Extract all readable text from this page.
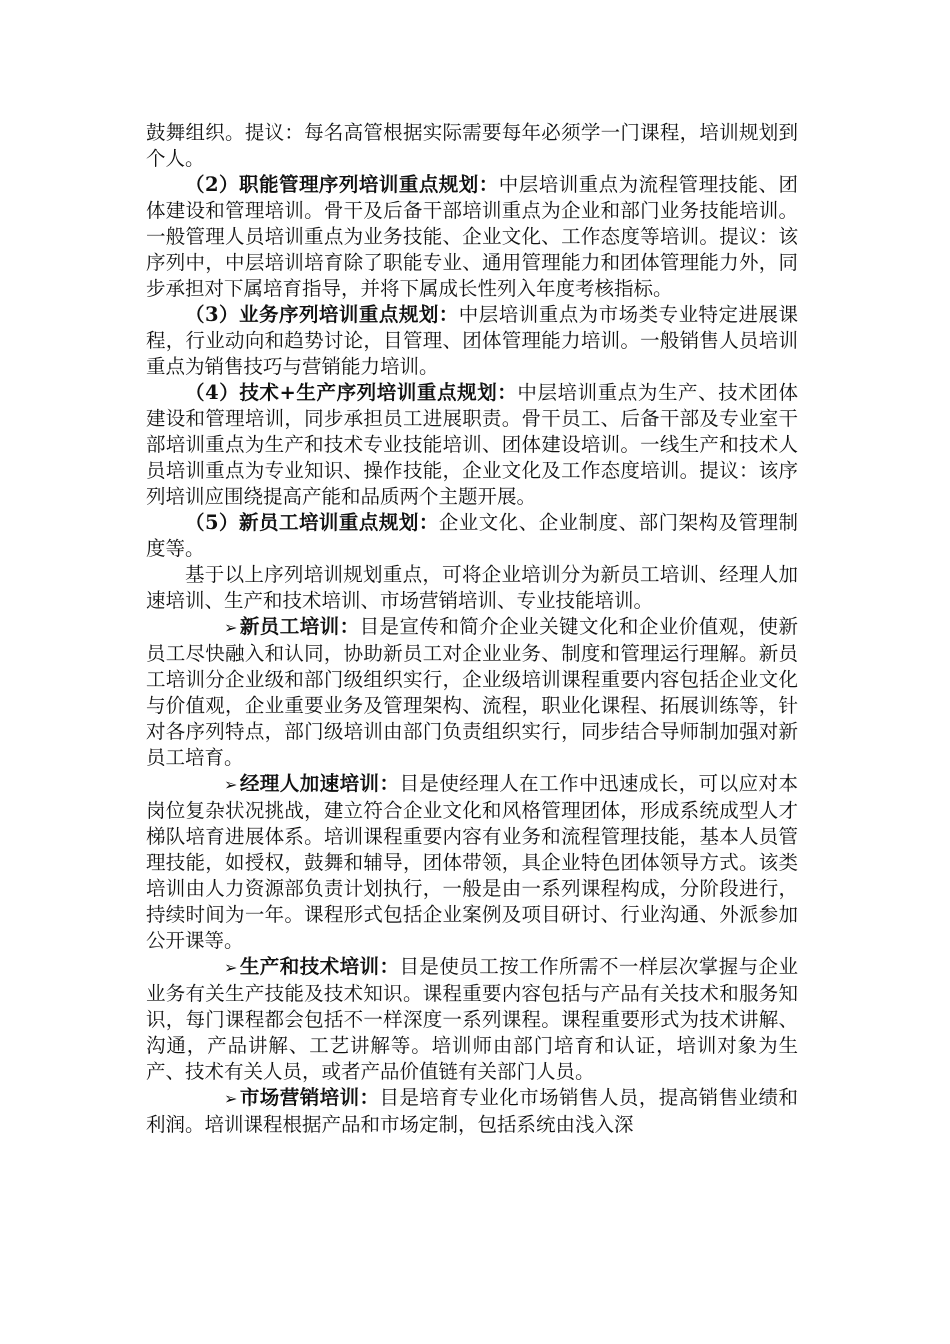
鼓舞组织。提议：每名高管根据实际需要每年必须学一门课程，培训规划到个人。

（2）职能管理序列培训重点规划：中层培训重点为流程管理技能、团体建设和管理培训。骨干及后备干部培训重点为企业和部门业务技能培训。一般管理人员培训重点为业务技能、企业文化、工作态度等培训。提议：该序列中，中层培训培育除了职能专业、通用管理能力和团体管理能力外，同步承担对下属培育指导，并将下属成长性列入年度考核指标。

（3）业务序列培训重点规划：中层培训重点为市场类专业特定进展课程，行业动向和趋势讨论，目管理、团体管理能力培训。一般销售人员培训重点为销售技巧与营销能力培训。

（4）技术+生产序列培训重点规划：中层培训重点为生产、技术团体建设和管理培训，同步承担员工进展职责。骨干员工、后备干部及专业室干部培训重点为生产和技术专业技能培训、团体建设培训。一线生产和技术人员培训重点为专业知识、操作技能，企业文化及工作态度培训。提议：该序列培训应围绕提高产能和品质两个主题开展。

（5）新员工培训重点规划：企业文化、企业制度、部门架构及管理制度等。

基于以上序列培训规划重点，可将企业培训分为新员工培训、经理人加速培训、生产和技术培训、市场营销培训、专业技能培训。

➢ 新员工培训：目是宣传和简介企业关键文化和企业价值观，使新员工尽快融入和认同，协助新员工对企业业务、制度和管理运行理解。新员工培训分企业级和部门级组织实行，企业级培训课程重要内容包括企业文化与价值观，企业重要业务及管理架构、流程，职业化课程、拓展训练等，针对各序列特点，部门级培训由部门负责组织实行，同步结合导师制加强对新员工培育。

➢ 经理人加速培训：目是使经理人在工作中迅速成长，可以应对本岗位复杂状况挑战，建立符合企业文化和风格管理团体，形成系统成型人才梯队培育进展体系。培训课程重要内容有业务和流程管理技能，基本人员管理技能，如授权，鼓舞和辅导，团体带领，具企业特色团体领导方式。该类培训由人力资源部负责计划执行，一般是由一系列课程构成，分阶段进行，持续时间为一年。课程形式包括企业案例及项目研讨、行业沟通、外派参加公开课等。

➢ 生产和技术培训：目是使员工按工作所需不一样层次掌握与企业业务有关生产技能及技术知识。课程重要内容包括与产品有关技术和服务知识，每门课程都会包括不一样深度一系列课程。课程重要形式为技术讲解、沟通，产品讲解、工艺讲解等。培训师由部门培育和认证，培训对象为生产、技术有关人员，或者产品价值链有关部门人员。

➢ 市场营销培训：目是培育专业化市场销售人员，提高销售业绩和利润。培训课程根据产品和市场定制，包括系统由浅入深
